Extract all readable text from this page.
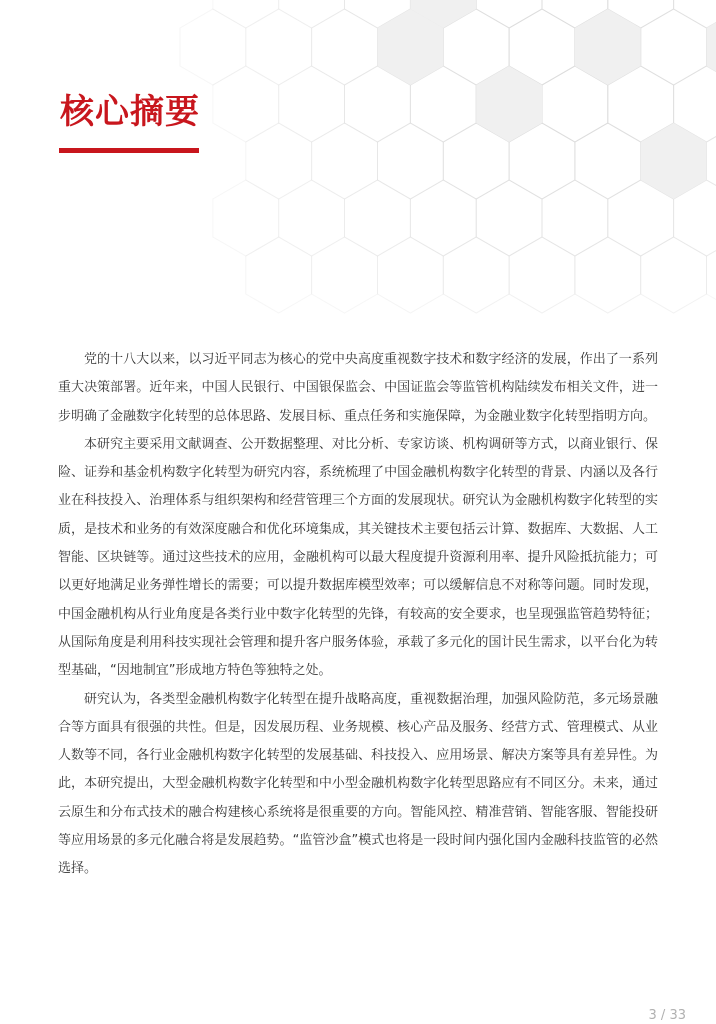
核心摘要

党的十八大以来，以习近平同志为核心的党中央高度重视数字技术和数字经济的发展，作出了一系列重大决策部署。近年来，中国人民银行、中国银保监会、中国证监会等监管机构陆续发布相关文件，进一步明确了金融数字化转型的总体思路、发展目标、重点任务和实施保障，为金融业数字化转型指明方向。

本研究主要采用文献调查、公开数据整理、对比分析、专家访谈、机构调研等方式，以商业银行、保险、证券和基金机构数字化转型为研究内容，系统梳理了中国金融机构数字化转型的背景、内涵以及各行业在科技投入、治理体系与组织架构和经营管理三个方面的发展现状。研究认为金融机构数字化转型的实质，是技术和业务的有效深度融合和优化环境集成，其关键技术主要包括云计算、数据库、大数据、人工智能、区块链等。通过这些技术的应用，金融机构可以最大程度提升资源利用率、提升风险抵抗能力；可以更好地满足业务弹性增长的需要；可以提升数据库模型效率；可以缓解信息不对称等问题。同时发现，中国金融机构从行业角度是各类行业中数字化转型的先锋，有较高的安全要求，也呈现强监管趋势特征；从国际角度是利用科技实现社会管理和提升客户服务体验，承载了多元化的国计民生需求，以平台化为转型基础，“因地制宜”形成地方特色等独特之处。

研究认为，各类型金融机构数字化转型在提升战略高度，重视数据治理，加强风险防范，多元场景融合等方面具有很强的共性。但是，因发展历程、业务规模、核心产品及服务、经营方式、管理模式、从业人数等不同，各行业金融机构数字化转型的发展基础、科技投入、应用场景、解决方案等具有差异性。为此，本研究提出，大型金融机构数字化转型和中小型金融机构数字化转型思路应有不同区分。未来，通过云原生和分布式技术的融合构建核心系统将是很重要的方向。智能风控、精准营销、智能客服、智能投研等应用场景的多元化融合将是发展趋势。“监管沙盒”模式也将是一段时间内强化国内金融科技监管的必然选择。

3 / 33
